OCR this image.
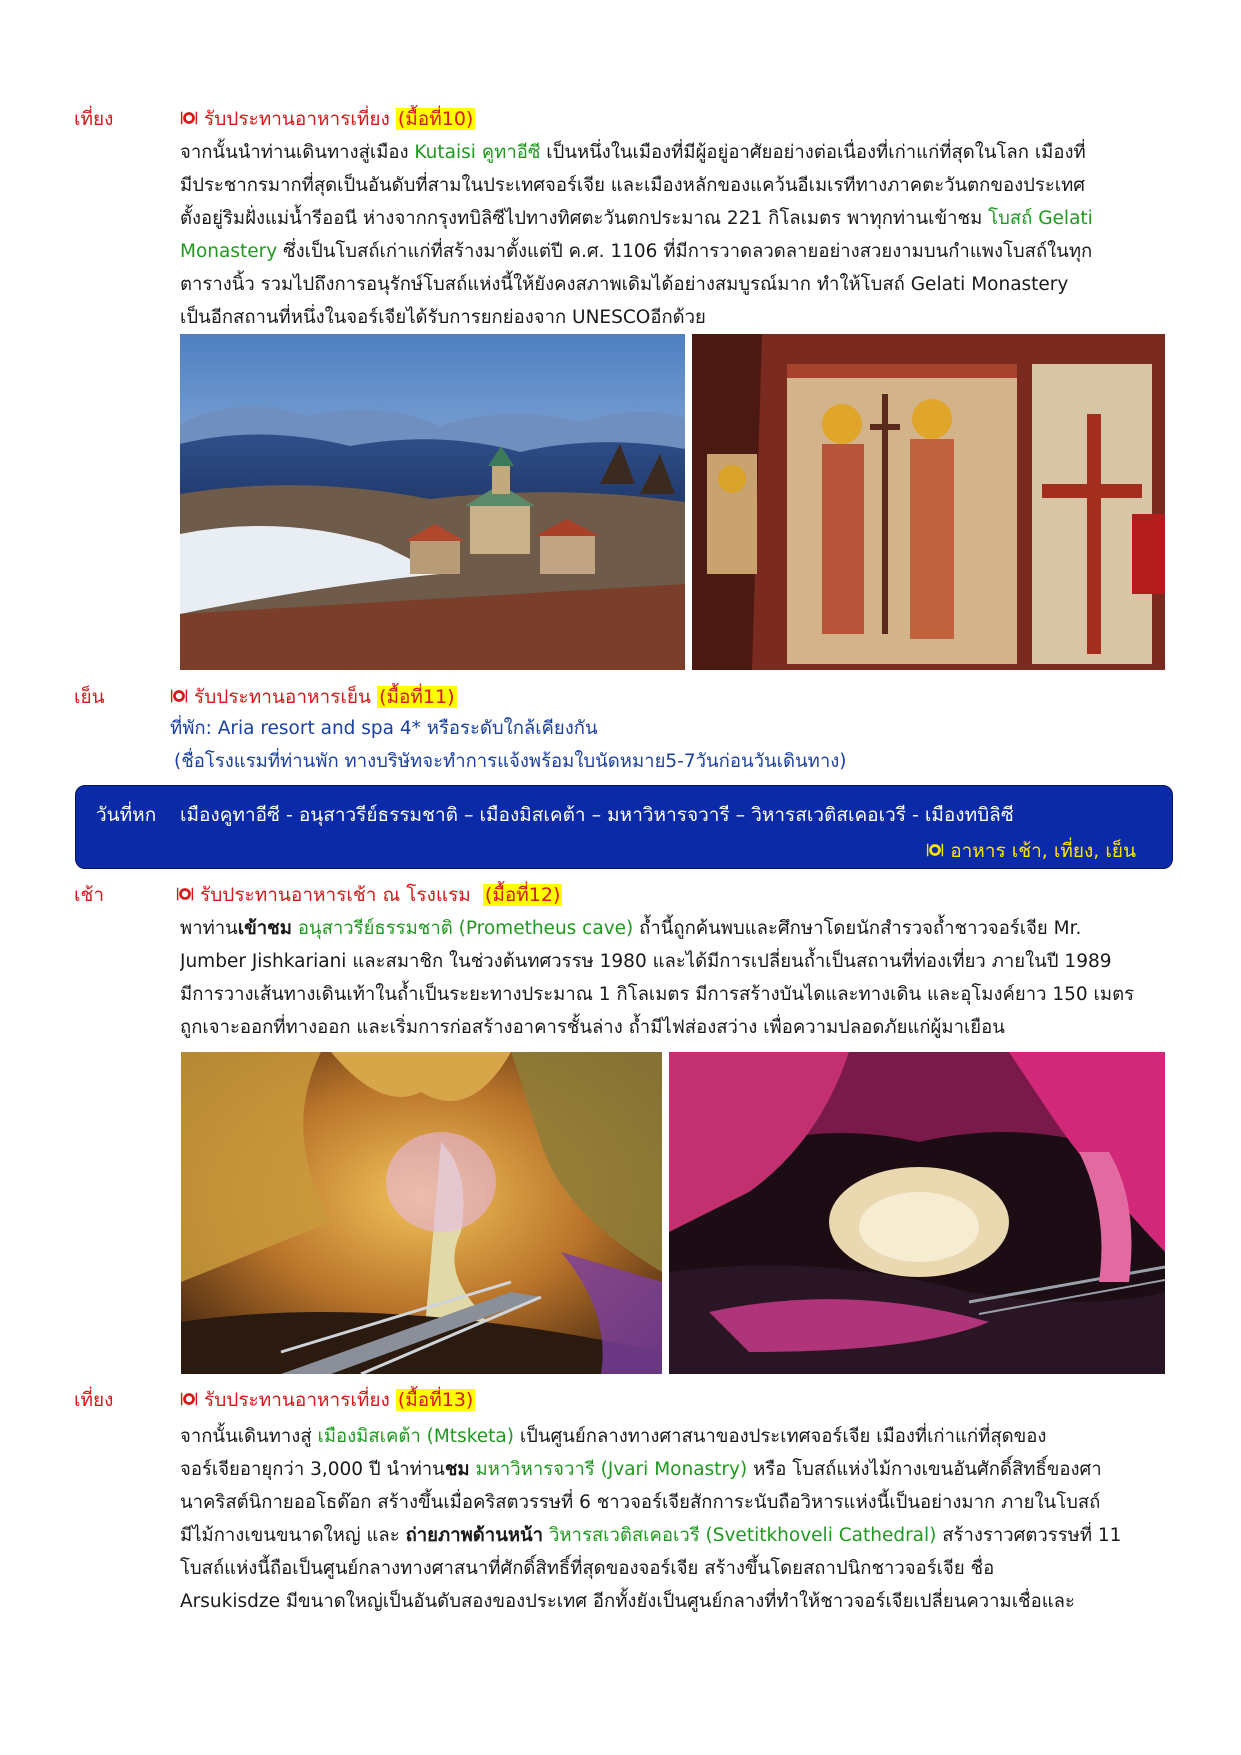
เที่ยง	รับประทานอาหารเที่ยง (มื้อที่10)
จากนั้นนำท่านเดินทางสู่เมือง Kutaisi คูทาอีซี เป็นหนึ่งในเมืองที่มีผู้อยู่อาศัยอย่างต่อเนื่องที่เก่าแก่ที่สุดในโลก เมืองที่
มีประชากรมากที่สุดเป็นอันดับที่สามในประเทศจอร์เจีย และเมืองหลักของแคว้นอีเมเรทีทางภาคตะวันตกของประเทศ
ตั้งอยู่ริมฝั่งแม่น้ำรีออนี ห่างจากกรุงทบิลิซีไปทางทิศตะวันตกประมาณ 221 กิโลเมตร พาทุกท่านเข้าชม โบสถ์ Gelati
Monastery ซึ่งเป็นโบสถ์เก่าแก่ที่สร้างมาตั้งแต่ปี ค.ศ. 1106 ที่มีการวาดลวดลายอย่างสวยงามบนกำแพงโบสถ์ในทุก
ตารางนิ้ว รวมไปถึงการอนุรักษ์โบสถ์แห่งนี้ให้ยังคงสภาพเดิมได้อย่างสมบูรณ์มาก ทำให้โบสถ์ Gelati Monastery
เป็นอีกสถานที่หนึ่งในจอร์เจียได้รับการยกย่องจาก UNESCOอีกด้วย
เย็น	รับประทานอาหารเย็น (มื้อที่11)
ที่พัก: Aria resort and spa 4* หรือระดับใกล้เคียงกัน
(ชื่อโรงแรมที่ท่านพัก ทางบริษัทจะทำการแจ้งพร้อมใบนัดหมาย5-7วันก่อนวันเดินทาง)
วันที่หก เมืองคูทาอีซี - อนุสาวรีย์ธรรมชาติ – เมืองมิสเคต้า – มหาวิหารจวารี – วิหารสเวติสเคอเวรี - เมืองทบิลิซี
อาหาร เช้า, เที่ยง, เย็น
เช้า	รับประทานอาหารเช้า ณ โรงแรม (มื้อที่12)
พาท่านเข้าชม อนุสาวรีย์ธรรมชาติ (Prometheus cave) ถ้ำนี้ถูกค้นพบและศึกษาโดยนักสำรวจถ้ำชาวจอร์เจีย Mr.
Jumber Jishkariani และสมาชิก ในช่วงต้นทศวรรษ 1980 และได้มีการเปลี่ยนถ้ำเป็นสถานที่ท่องเที่ยว ภายในปี 1989
มีการวางเส้นทางเดินเท้าในถ้ำเป็นระยะทางประมาณ 1 กิโลเมตร มีการสร้างบันไดและทางเดิน และอุโมงค์ยาว 150 เมตร
ถูกเจาะออกที่ทางออก และเริ่มการก่อสร้างอาคารชั้นล่าง ถ้ำมีไฟส่องสว่าง เพื่อความปลอดภัยแก่ผู้มาเยือน
เที่ยง	รับประทานอาหารเที่ยง (มื้อที่13)
จากนั้นเดินทางสู่ เมืองมิสเคต้า (Mtsketa) เป็นศูนย์กลางทางศาสนาของประเทศจอร์เจีย เมืองที่เก่าแก่ที่สุดของ
จอร์เจียอายุกว่า 3,000 ปี นำท่านชม มหาวิหารจวารี (Jvari Monastry) หรือ โบสถ์แห่งไม้กางเขนอันศักดิ์สิทธิ์ของศา
นาคริสต์นิกายออโธด๊อก สร้างขึ้นเมื่อคริสตวรรษที่ 6 ชาวจอร์เจียสักการะนับถือวิหารแห่งนี้เป็นอย่างมาก ภายในโบสถ์
มีไม้กางเขนขนาดใหญ่ และ ถ่ายภาพด้านหน้า วิหารสเวติสเคอเวรี (Svetitkhoveli Cathedral) สร้างราวศตวรรษที่ 11
โบสถ์แห่งนี้ถือเป็นศูนย์กลางทางศาสนาที่ศักดิ์สิทธิ์ที่สุดของจอร์เจีย สร้างขึ้นโดยสถาปนิกชาวจอร์เจีย ชื่อ
Arsukisdze มีขนาดใหญ่เป็นอันดับสองของประเทศ อีกทั้งยังเป็นศูนย์กลางที่ทำให้ชาวจอร์เจียเปลี่ยนความเชื่อและ
